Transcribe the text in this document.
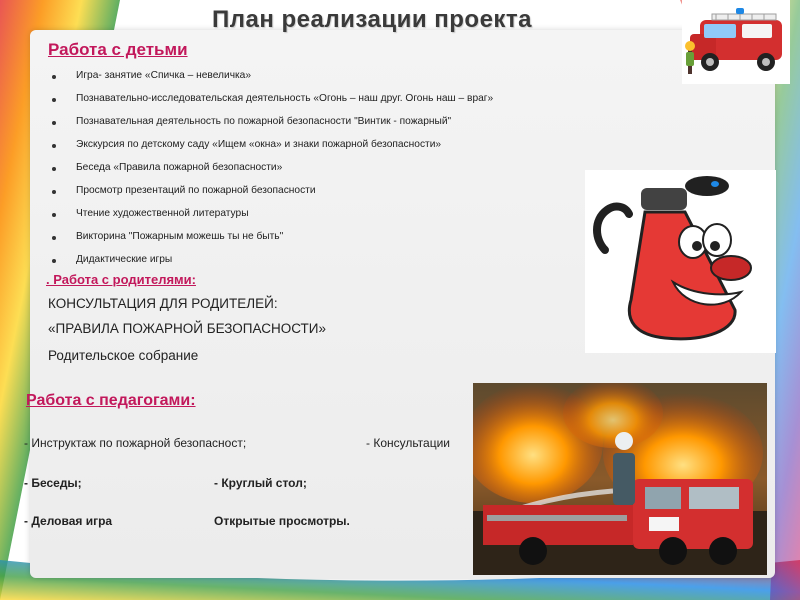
План реализации проекта
Работа с детьми
Игра- занятие «Спичка – невеличка»
Познавательно-исследовательская деятельность «Огонь – наш друг. Огонь наш – враг»
Познавательная деятельность по пожарной безопасности "Винтик - пожарный"
Экскурсия по детскому саду «Ищем «окна» и знаки пожарной безопасности»
Беседа «Правила пожарной безопасности»
Просмотр презентаций по пожарной безопасности
Чтение художественной литературы
Викторина "Пожарным можешь ты не быть"
Дидактические игры
. Работа с родителями:
КОНСУЛЬТАЦИЯ ДЛЯ РОДИТЕЛЕЙ:
«ПРАВИЛА ПОЖАРНОЙ БЕЗОПАСНОСТИ»
Родительское собрание
Работа с педагогами:
- Инструктаж по пожарной безопасност;	- Консультации
- Беседы;	- Круглый стол;
- Деловая игра	Открытые просмотры.
